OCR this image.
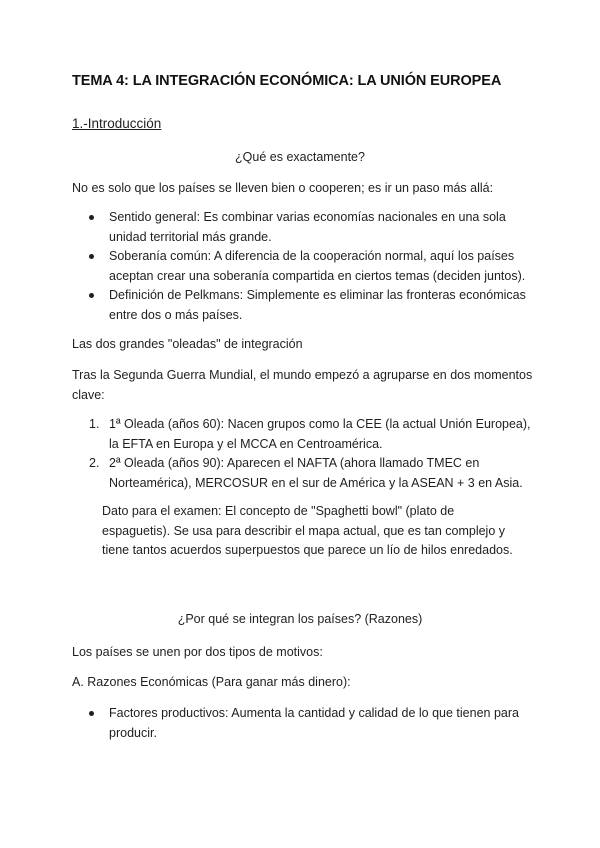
TEMA 4: LA INTEGRACIÓN ECONÓMICA: LA UNIÓN EUROPEA

1.-Introducción

¿Qué es exactamente?

No es solo que los países se lleven bien o cooperen; es ir un paso más allá:

Sentido general: Es combinar varias economías nacionales en una sola unidad territorial más grande.
Soberanía común: A diferencia de la cooperación normal, aquí los países aceptan crear una soberanía compartida en ciertos temas (deciden juntos).
Definición de Pelkmans: Simplemente es eliminar las fronteras económicas entre dos o más países.

Las dos grandes "oleadas" de integración

Tras la Segunda Guerra Mundial, el mundo empezó a agruparse en dos momentos clave:

1. 1ª Oleada (años 60): Nacen grupos como la CEE (la actual Unión Europea), la EFTA en Europa y el MCCA en Centroamérica.
2. 2ª Oleada (años 90): Aparecen el NAFTA (ahora llamado TMEC en Norteamérica), MERCOSUR en el sur de América y la ASEAN + 3 en Asia.

Dato para el examen: El concepto de "Spaghetti bowl" (plato de espaguetis). Se usa para describir el mapa actual, que es tan complejo y tiene tantos acuerdos superpuestos que parece un lío de hilos enredados.

¿Por qué se integran los países? (Razones)

Los países se unen por dos tipos de motivos:

A. Razones Económicas (Para ganar más dinero):

Factores productivos: Aumenta la cantidad y calidad de lo que tienen para producir.
